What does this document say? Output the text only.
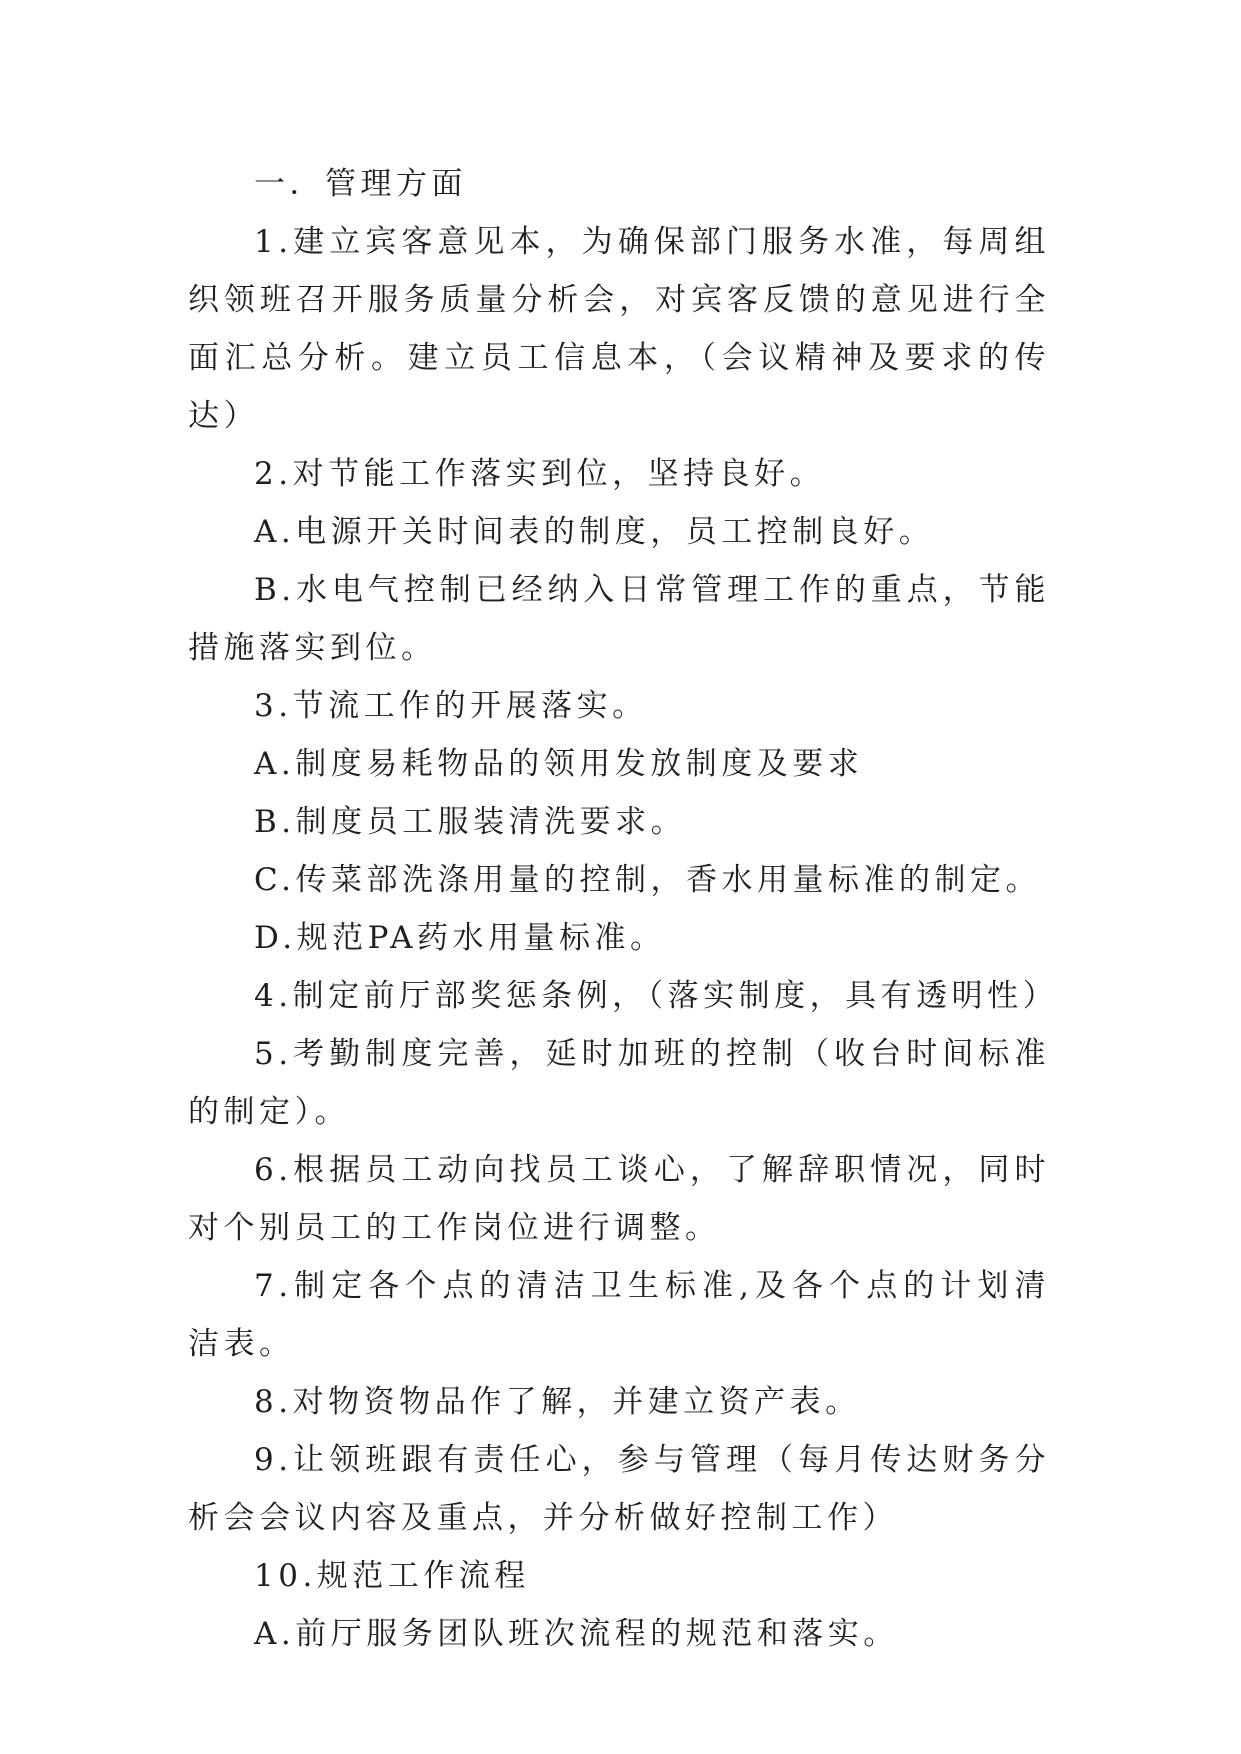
一．管理方面

1.建立宾客意见本，为确保部门服务水准，每周组织领班召开服务质量分析会，对宾客反馈的意见进行全面汇总分析。建立员工信息本，（会议精神及要求的传达）

2.对节能工作落实到位，坚持良好。

A.电源开关时间表的制度，员工控制良好。

B.水电气控制已经纳入日常管理工作的重点，节能措施落实到位。

3.节流工作的开展落实。

A.制度易耗物品的领用发放制度及要求

B.制度员工服装清洗要求。

C.传菜部洗涤用量的控制，香水用量标准的制定。

D.规范PA药水用量标准。

4.制定前厅部奖惩条例，（落实制度，具有透明性）

5.考勤制度完善，延时加班的控制（收台时间标准的制定）。

6.根据员工动向找员工谈心，了解辞职情况，同时对个别员工的工作岗位进行调整。

7.制定各个点的清洁卫生标准,及各个点的计划清洁表。

8.对物资物品作了解，并建立资产表。

9.让领班跟有责任心，参与管理（每月传达财务分析会会议内容及重点，并分析做好控制工作）

10.规范工作流程

A.前厅服务团队班次流程的规范和落实。
